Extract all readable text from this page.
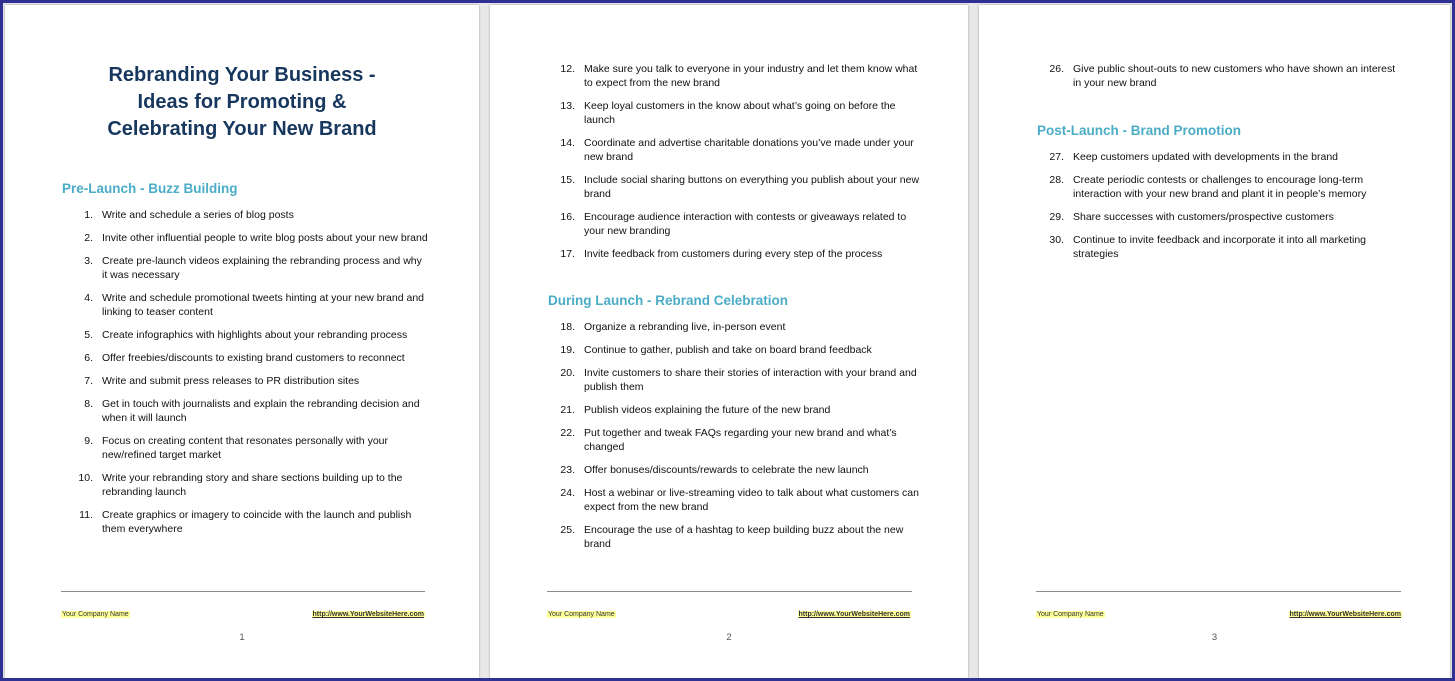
Rebranding Your Business -
Ideas for Promoting &
Celebrating Your New Brand
Pre-Launch - Buzz Building
1. Write and schedule a series of blog posts
2. Invite other influential people to write blog posts about your new brand
3. Create pre-launch videos explaining the rebranding process and why it was necessary
4. Write and schedule promotional tweets hinting at your new brand and linking to teaser content
5. Create infographics with highlights about your rebranding process
6. Offer freebies/discounts to existing brand customers to reconnect
7. Write and submit press releases to PR distribution sites
8. Get in touch with journalists and explain the rebranding decision and when it will launch
9. Focus on creating content that resonates personally with your new/refined target market
10. Write your rebranding story and share sections building up to the rebranding launch
11. Create graphics or imagery to coincide with the launch and publish them everywhere
Your Company Name	http://www.YourWebsiteHere.com
1
12. Make sure you talk to everyone in your industry and let them know what to expect from the new brand
13. Keep loyal customers in the know about what’s going on before the launch
14. Coordinate and advertise charitable donations you’ve made under your new brand
15. Include social sharing buttons on everything you publish about your new brand
16. Encourage audience interaction with contests or giveaways related to your new branding
17. Invite feedback from customers during every step of the process
During Launch - Rebrand Celebration
18. Organize a rebranding live, in-person event
19. Continue to gather, publish and take on board brand feedback
20. Invite customers to share their stories of interaction with your brand and publish them
21. Publish videos explaining the future of the new brand
22. Put together and tweak FAQs regarding your new brand and what’s changed
23. Offer bonuses/discounts/rewards to celebrate the new launch
24. Host a webinar or live-streaming video to talk about what customers can expect from the new brand
25. Encourage the use of a hashtag to keep building buzz about the new brand
Your Company Name	http://www.YourWebsiteHere.com
2
26. Give public shout-outs to new customers who have shown an interest in your new brand
Post-Launch - Brand Promotion
27. Keep customers updated with developments in the brand
28. Create periodic contests or challenges to encourage long-term interaction with your new brand and plant it in people’s memory
29. Share successes with customers/prospective customers
30. Continue to invite feedback and incorporate it into all marketing strategies
Your Company Name	http://www.YourWebsiteHere.com
3
